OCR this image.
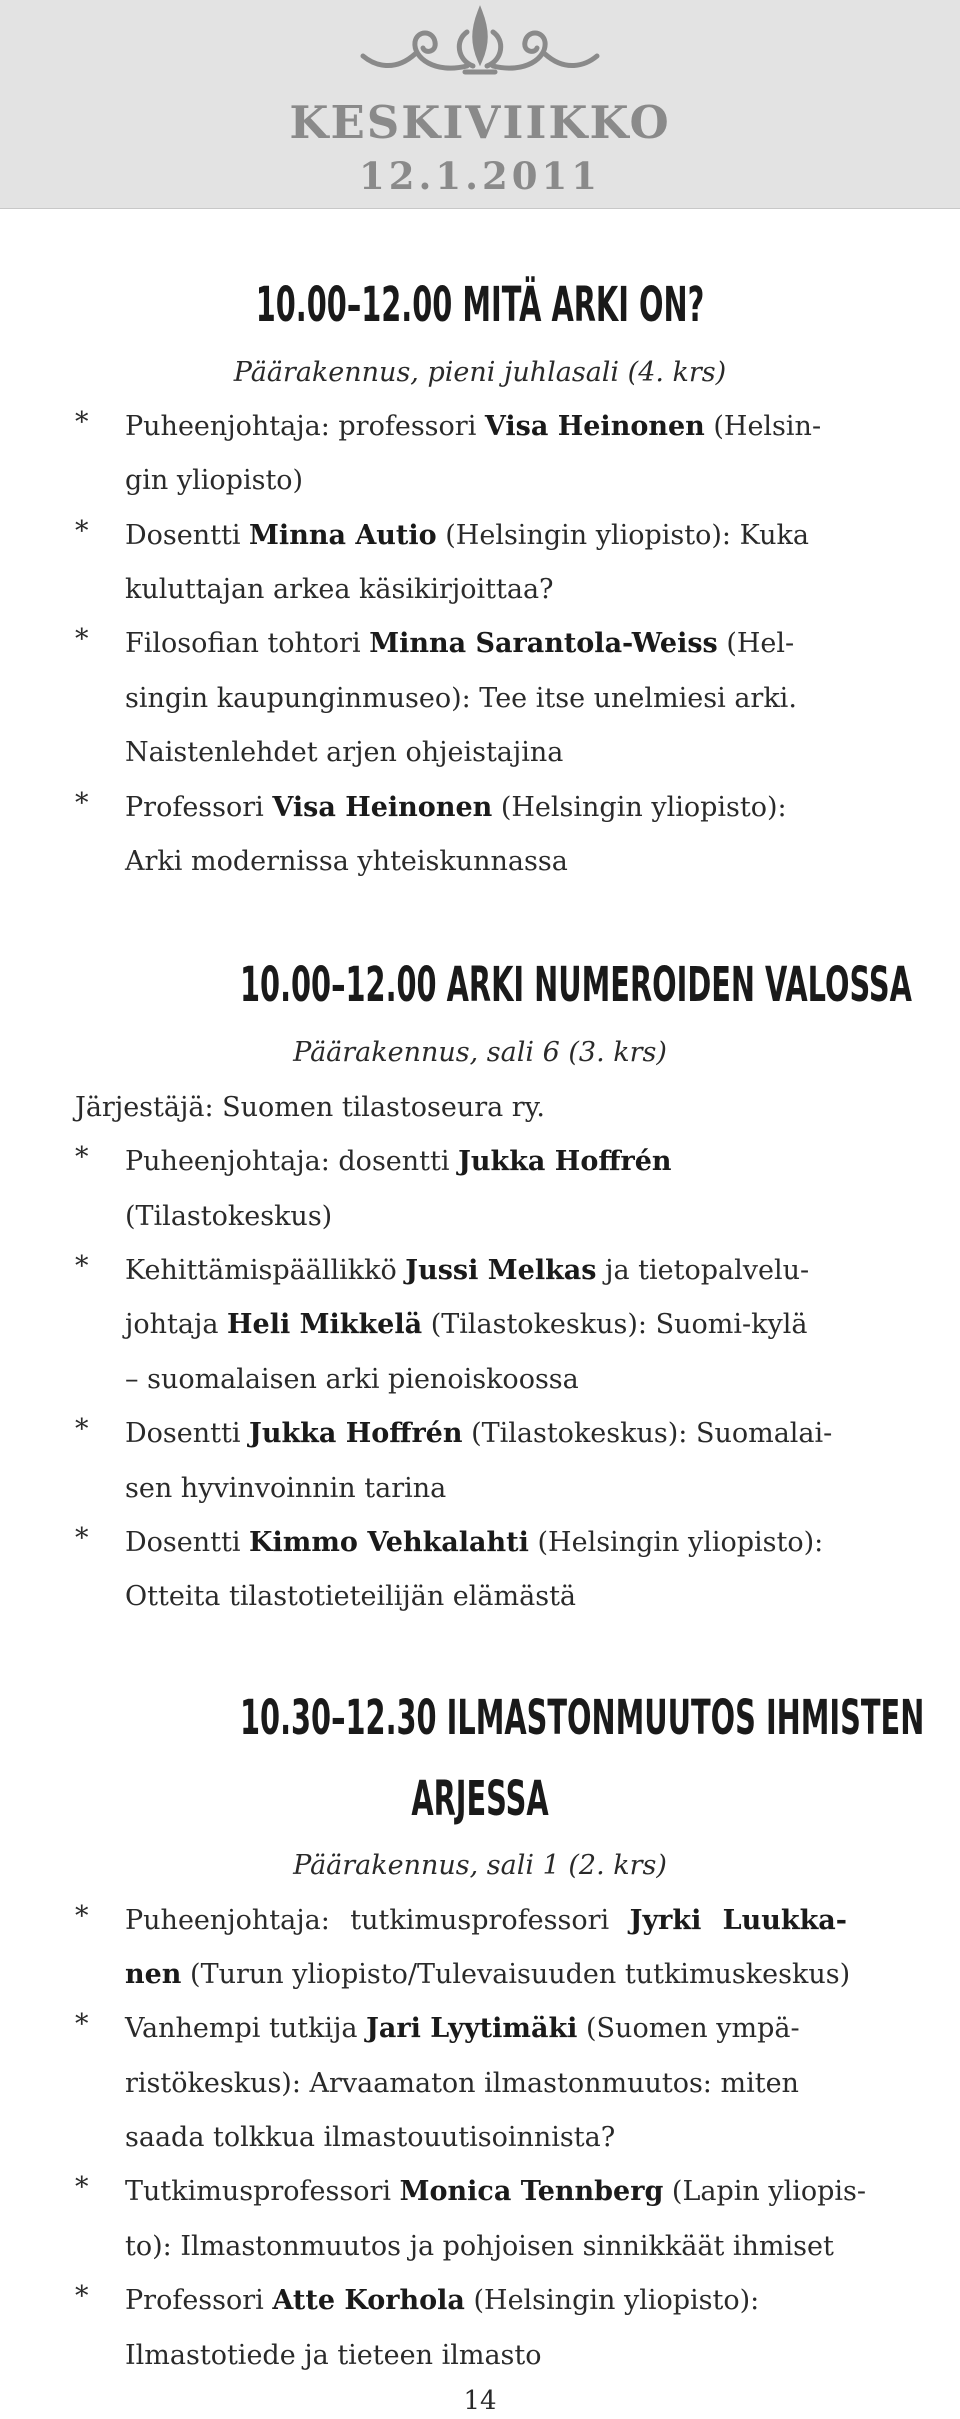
KESKIVIIKKO
12.1.2011
10.00–12.00 MITÄ ARKI ON?
Päärakennus, pieni juhlasali (4. krs)
* Puheenjohtaja: professori Visa Heinonen (Helsin-
gin yliopisto)
* Dosentti Minna Autio (Helsingin yliopisto): Kuka
kuluttajan arkea käsikirjoittaa?
* Filosofian tohtori Minna Sarantola-Weiss (Hel-
singin kaupunginmuseo): Tee itse unelmiesi arki.
Naistenlehdet arjen ohjeistajina
* Professori Visa Heinonen (Helsingin yliopisto):
Arki modernissa yhteiskunnassa
10.00–12.00 ARKI NUMEROIDEN VALOSSA
Päärakennus, sali 6 (3. krs)
Järjestäjä: Suomen tilastoseura ry.
* Puheenjohtaja: dosentti Jukka Hoffrén
(Tilastokeskus)
* Kehittämispäällikkö Jussi Melkas ja tietopalvelu-
johtaja Heli Mikkelä (Tilastokeskus): Suomi-kylä
– suomalaisen arki pienoiskoossa
* Dosentti Jukka Hoffrén (Tilastokeskus): Suomalai-
sen hyvinvoinnin tarina
* Dosentti Kimmo Vehkalahti (Helsingin yliopisto):
Otteita tilastotieteilijän elämästä
10.30–12.30 ILMASTONMUUTOS IHMISTEN
ARJESSA
Päärakennus, sali 1 (2. krs)
* Puheenjohtaja: tutkimusprofessori Jyrki Luukka-
nen (Turun yliopisto/Tulevaisuuden tutkimuskeskus)
* Vanhempi tutkija Jari Lyytimäki (Suomen ympä-
ristökeskus): Arvaamaton ilmastonmuutos: miten
saada tolkkua ilmastouutisoinnista?
* Tutkimusprofessori Monica Tennberg (Lapin yliopis-
to): Ilmastonmuutos ja pohjoisen sinnikkäät ihmiset
* Professori Atte Korhola (Helsingin yliopisto):
Ilmastotiede ja tieteen ilmasto
14
